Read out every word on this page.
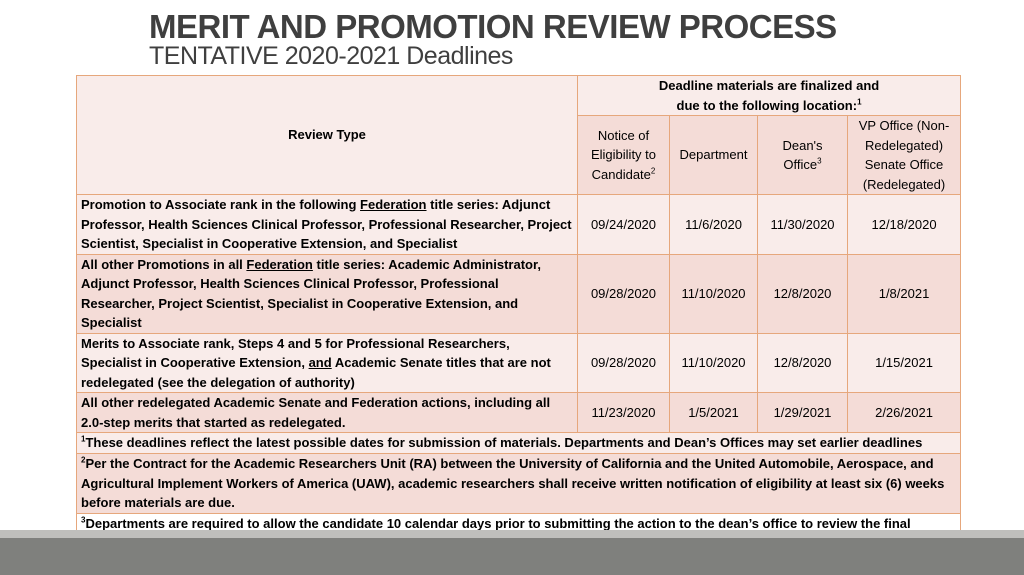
MERIT AND PROMOTION REVIEW PROCESS
TENTATIVE 2020-2021 Deadlines
Review Type	Deadline materials are finalized and
due to the following location:$^1$
	Notice of Eligibility to Candidate$^2$	Department	Dean's Office$^3$	VP Office (Non-Redelegated) Senate Office (Redelegated)
Promotion to Associate rank in the following Federation title series: Adjunct Professor, Health Sciences Clinical Professor, Professional Researcher, Project Scientist, Specialist in Cooperative Extension, and Specialist	09/24/2020	11/6/2020	11/30/2020	12/18/2020
All other Promotions in all Federation title series: Academic Administrator, Adjunct Professor, Health Sciences Clinical Professor, Professional Researcher, Project Scientist, Specialist in Cooperative Extension, and Specialist	09/28/2020	11/10/2020	12/8/2020	1/8/2021
Merits to Associate rank, Steps 4 and 5 for Professional Researchers, Specialist in Cooperative Extension, and Academic Senate titles that are not redelegated (see the delegation of authority)	09/28/2020	11/10/2020	12/8/2020	1/15/2021
All other redelegated Academic Senate and Federation actions, including all 2.0-step merits that started as redelegated.	11/23/2020	1/5/2021	1/29/2021	2/26/2021
$^1$These deadlines reflect the latest possible dates for submission of materials. Departments and Dean’s Offices may set earlier deadlines				
$^2$Per the Contract for the Academic Researchers Unit (RA) between the University of California and the United Automobile, Aerospace, and Agricultural Implement Workers of America (UAW), academic researchers shall receive written notification of eligibility at least six (6) weeks before materials are due.				
$^3$Departments are required to allow the candidate 10 calendar days prior to submitting the action to the dean’s office to review the final				
